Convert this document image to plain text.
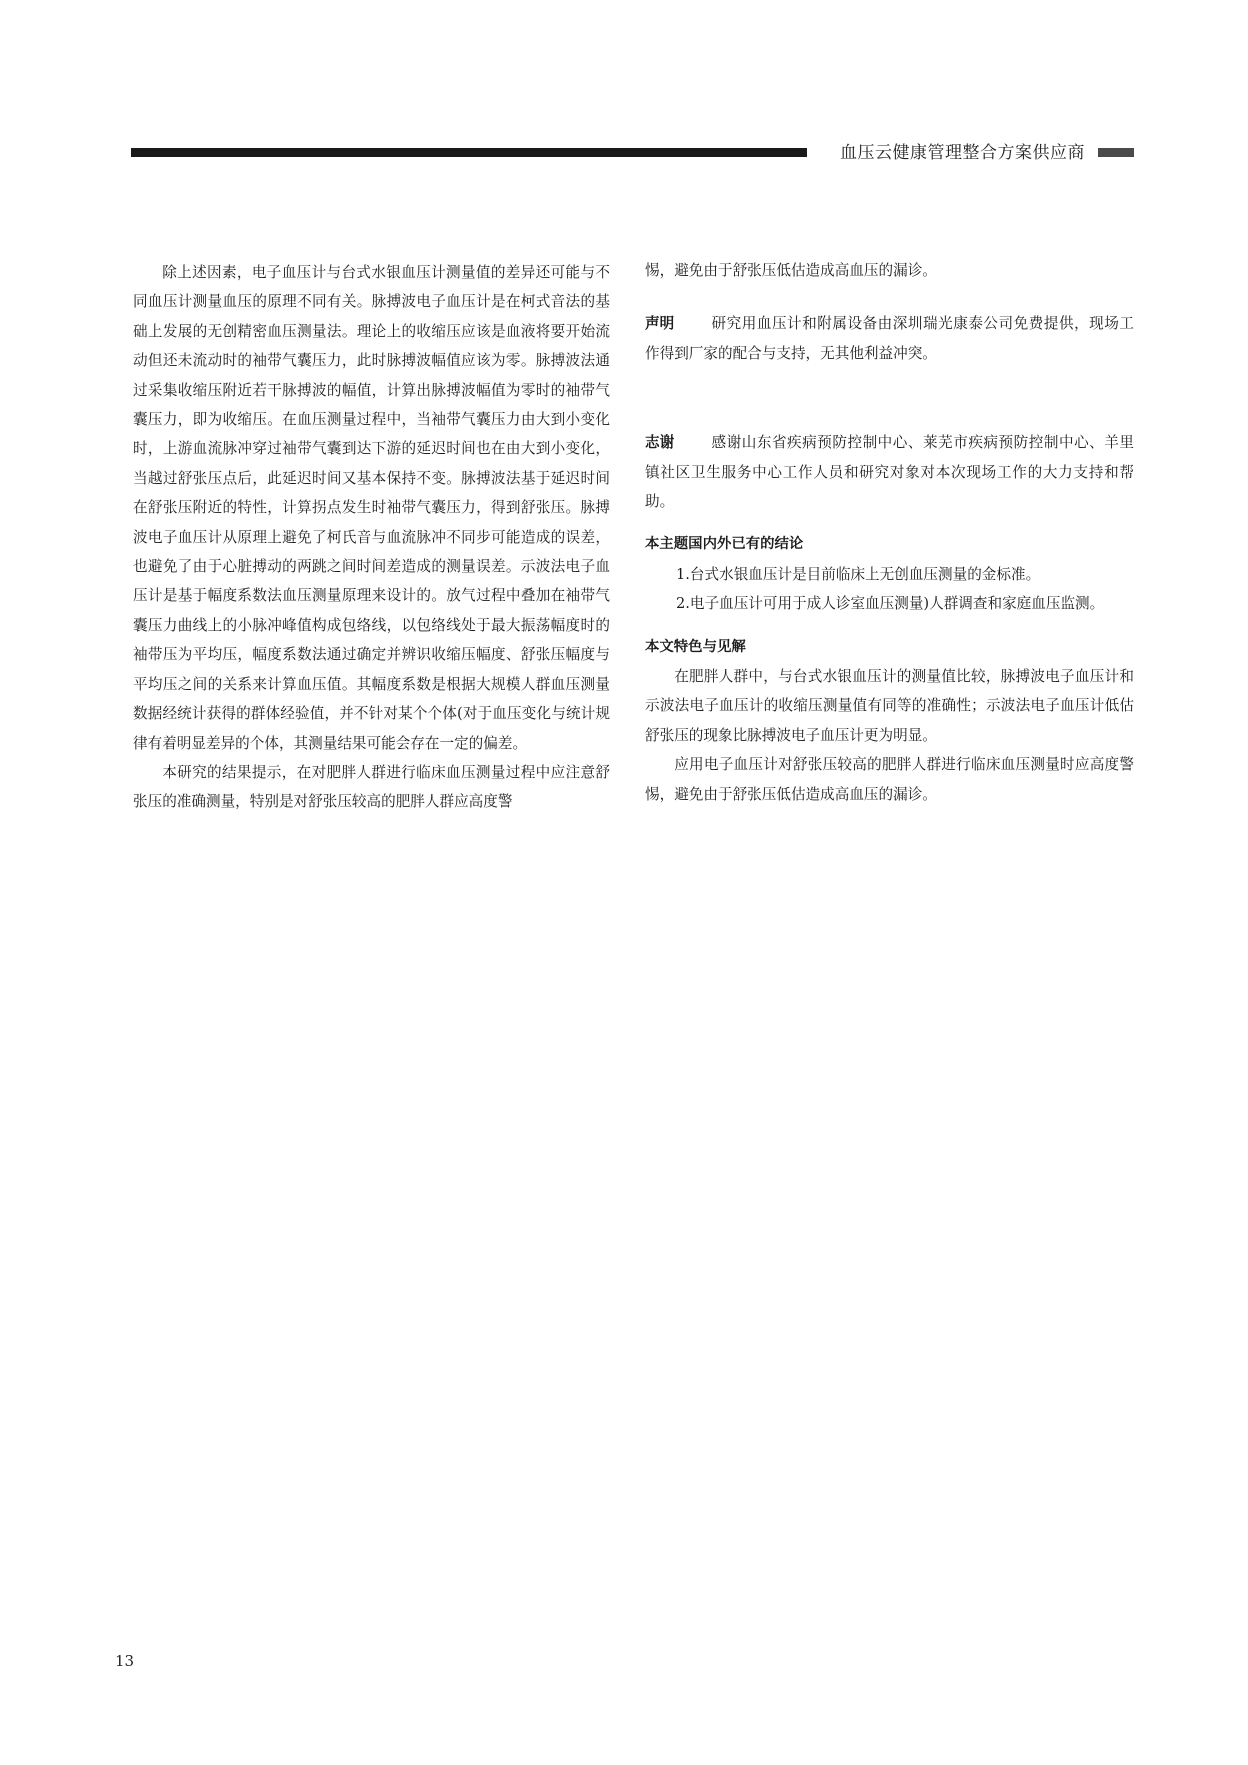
血压云健康管理整合方案供应商

除上述因素，电子血压计与台式水银血压计测量值的差异还可能与不同血压计测量血压的原理不同有关。脉搏波电子血压计是在柯式音法的基础上发展的无创精密血压测量法。理论上的收缩压应该是血液将要开始流动但还未流动时的袖带气囊压力，此时脉搏波幅值应该为零。脉搏波法通过采集收缩压附近若干脉搏波的幅值，计算出脉搏波幅值为零时的袖带气囊压力，即为收缩压。在血压测量过程中，当袖带气囊压力由大到小变化时，上游血流脉冲穿过袖带气囊到达下游的延迟时间也在由大到小变化，当越过舒张压点后，此延迟时间又基本保持不变。脉搏波法基于延迟时间在舒张压附近的特性，计算拐点发生时袖带气囊压力，得到舒张压。脉搏波电子血压计从原理上避免了柯氏音与血流脉冲不同步可能造成的误差，也避免了由于心脏搏动的两跳之间时间差造成的测量误差。示波法电子血压计是基于幅度系数法血压测量原理来设计的。放气过程中叠加在袖带气囊压力曲线上的小脉冲峰值构成包络线，以包络线处于最大振荡幅度时的袖带压为平均压，幅度系数法通过确定并辨识收缩压幅度、舒张压幅度与平均压之间的关系来计算血压值。其幅度系数是根据大规模人群血压测量数据经统计获得的群体经验值，并不针对某个个体(对于血压变化与统计规律有着明显差异的个体，其测量结果可能会存在一定的偏差。

本研究的结果提示，在对肥胖人群进行临床血压测量过程中应注意舒张压的准确测量，特别是对舒张压较高的肥胖人群应高度警

惕，避免由于舒张压低估造成高血压的漏诊。

声明	研究用血压计和附属设备由深圳瑞光康泰公司免费提供，现场工作得到厂家的配合与支持，无其他利益冲突。

志谢	感谢山东省疾病预防控制中心、莱芜市疾病预防控制中心、羊里镇社区卫生服务中心工作人员和研究对象对本次现场工作的大力支持和帮助。

本主题国内外已有的结论

1.台式水银血压计是目前临床上无创血压测量的金标准。

2.电子血压计可用于成人诊室血压测量)人群调查和家庭血压监测。

本文特色与见解

在肥胖人群中，与台式水银血压计的测量值比较，脉搏波电子血压计和示波法电子血压计的收缩压测量值有同等的准确性；示波法电子血压计低估舒张压的现象比脉搏波电子血压计更为明显。

应用电子血压计对舒张压较高的肥胖人群进行临床血压测量时应高度警惕，避免由于舒张压低估造成高血压的漏诊。

13
